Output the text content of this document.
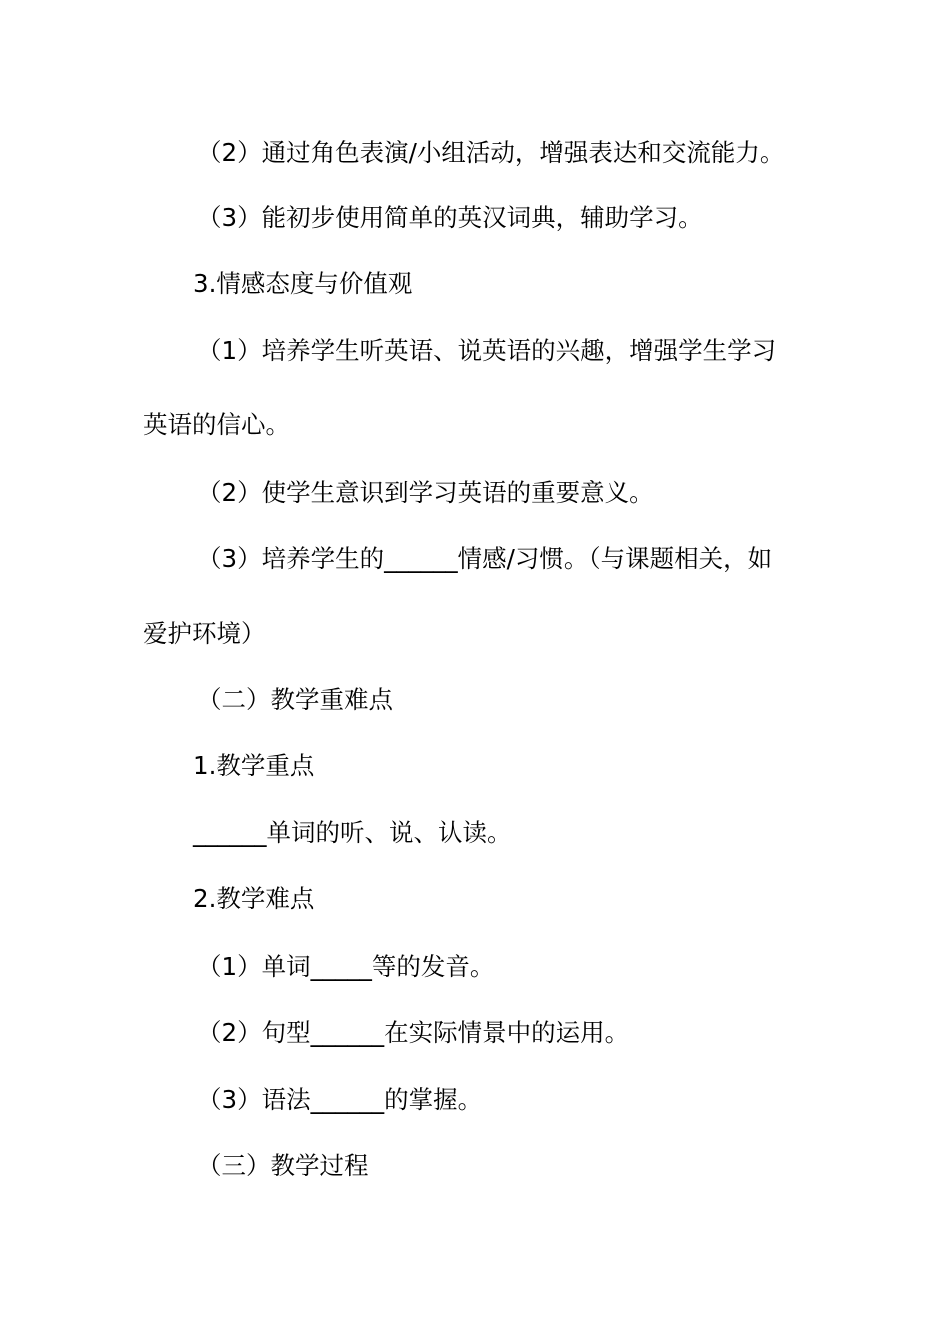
（2）通过角色表演/小组活动，增强表达和交流能力。
（3）能初步使用简单的英汉词典，辅助学习。
3.情感态度与价值观
（1）培养学生听英语、说英语的兴趣，增强学生学习
英语的信心。
（2）使学生意识到学习英语的重要意义。
（3）培养学生的______情感/习惯。（与课题相关，如
爱护环境）
（二）教学重难点
1.教学重点
______单词的听、说、认读。
2.教学难点
（1）单词_____等的发音。
（2）句型______在实际情景中的运用。
（3）语法______的掌握。
（三）教学过程
